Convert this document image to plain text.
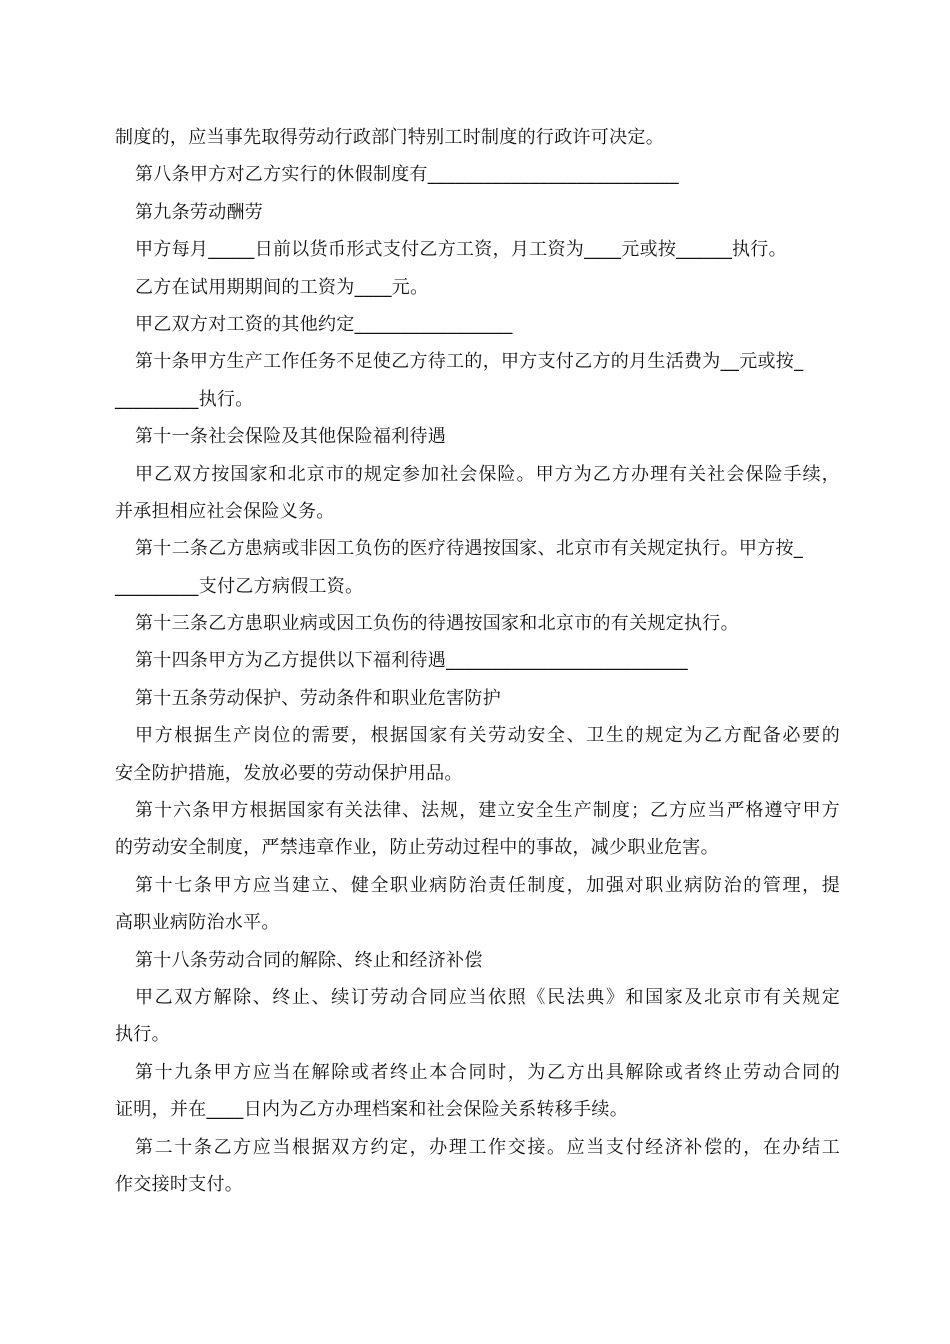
制度的，应当事先取得劳动行政部门特别工时制度的行政许可决定。
第八条甲方对乙方实行的休假制度有___________________________
第九条劳动酬劳
甲方每月_____日前以货币形式支付乙方工资，月工资为____元或按______执行。
乙方在试用期期间的工资为____元。
甲乙双方对工资的其他约定_________________
第十条甲方生产工作任务不足使乙方待工的，甲方支付乙方的月生活费为__元或按_
_________执行。
第十一条社会保险及其他保险福利待遇
甲乙双方按国家和北京市的规定参加社会保险。甲方为乙方办理有关社会保险手续，
并承担相应社会保险义务。
第十二条乙方患病或非因工负伤的医疗待遇按国家、北京市有关规定执行。甲方按_
_________支付乙方病假工资。
第十三条乙方患职业病或因工负伤的待遇按国家和北京市的有关规定执行。
第十四条甲方为乙方提供以下福利待遇__________________________
第十五条劳动保护、劳动条件和职业危害防护
甲方根据生产岗位的需要，根据国家有关劳动安全、卫生的规定为乙方配备必要的
安全防护措施，发放必要的劳动保护用品。
第十六条甲方根据国家有关法律、法规，建立安全生产制度；乙方应当严格遵守甲方
的劳动安全制度，严禁违章作业，防止劳动过程中的事故，减少职业危害。
第十七条甲方应当建立、健全职业病防治责任制度，加强对职业病防治的管理，提
高职业病防治水平。
第十八条劳动合同的解除、终止和经济补偿
甲乙双方解除、终止、续订劳动合同应当依照《民法典》和国家及北京市有关规定
执行。
第十九条甲方应当在解除或者终止本合同时，为乙方出具解除或者终止劳动合同的
证明，并在____日内为乙方办理档案和社会保险关系转移手续。
第二十条乙方应当根据双方约定，办理工作交接。应当支付经济补偿的，在办结工
作交接时支付。
